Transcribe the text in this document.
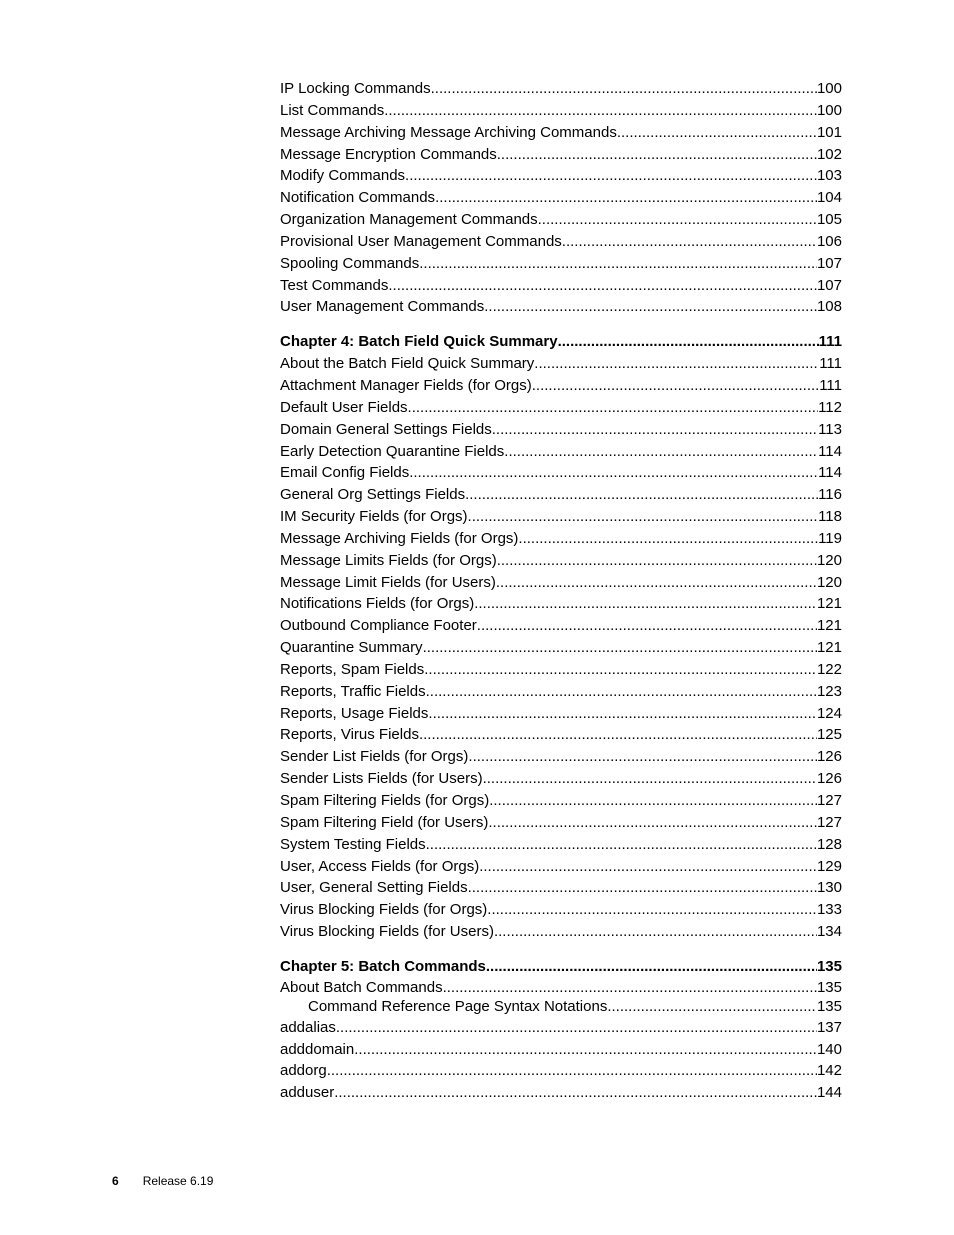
IP Locking Commands .....	100
List Commands .....	100
Message Archiving Message Archiving Commands .....	101
Message Encryption Commands .....	102
Modify Commands .....	103
Notification Commands .....	104
Organization Management Commands .....	105
Provisional User Management Commands .....	106
Spooling Commands .....	107
Test Commands .....	107
User Management Commands .....	108
Chapter 4: Batch Field Quick Summary .....	111
About the Batch Field Quick Summary .....	111
Attachment Manager Fields (for Orgs) .....	111
Default User Fields .....	112
Domain General Settings Fields .....	113
Early Detection Quarantine Fields .....	114
Email Config Fields .....	114
General Org Settings Fields .....	116
IM Security Fields (for Orgs) .....	118
Message Archiving Fields (for Orgs) .....	119
Message Limits Fields (for Orgs) .....	120
Message Limit Fields (for Users) .....	120
Notifications Fields (for Orgs) .....	121
Outbound Compliance Footer .....	121
Quarantine Summary .....	121
Reports, Spam Fields .....	122
Reports, Traffic Fields .....	123
Reports, Usage Fields .....	124
Reports, Virus Fields .....	125
Sender List Fields (for Orgs) .....	126
Sender Lists Fields (for Users) .....	126
Spam Filtering Fields (for Orgs) .....	127
Spam Filtering Field (for Users) .....	127
System Testing Fields .....	128
User, Access Fields (for Orgs) .....	129
User, General Setting Fields .....	130
Virus Blocking Fields (for Orgs) .....	133
Virus Blocking Fields (for Users) .....	134
Chapter 5: Batch Commands .....	135
About Batch Commands .....	135
Command Reference Page Syntax Notations .....	135
addalias .....	137
adddomain .....	140
addorg .....	142
adduser .....	144
6 Release 6.19
